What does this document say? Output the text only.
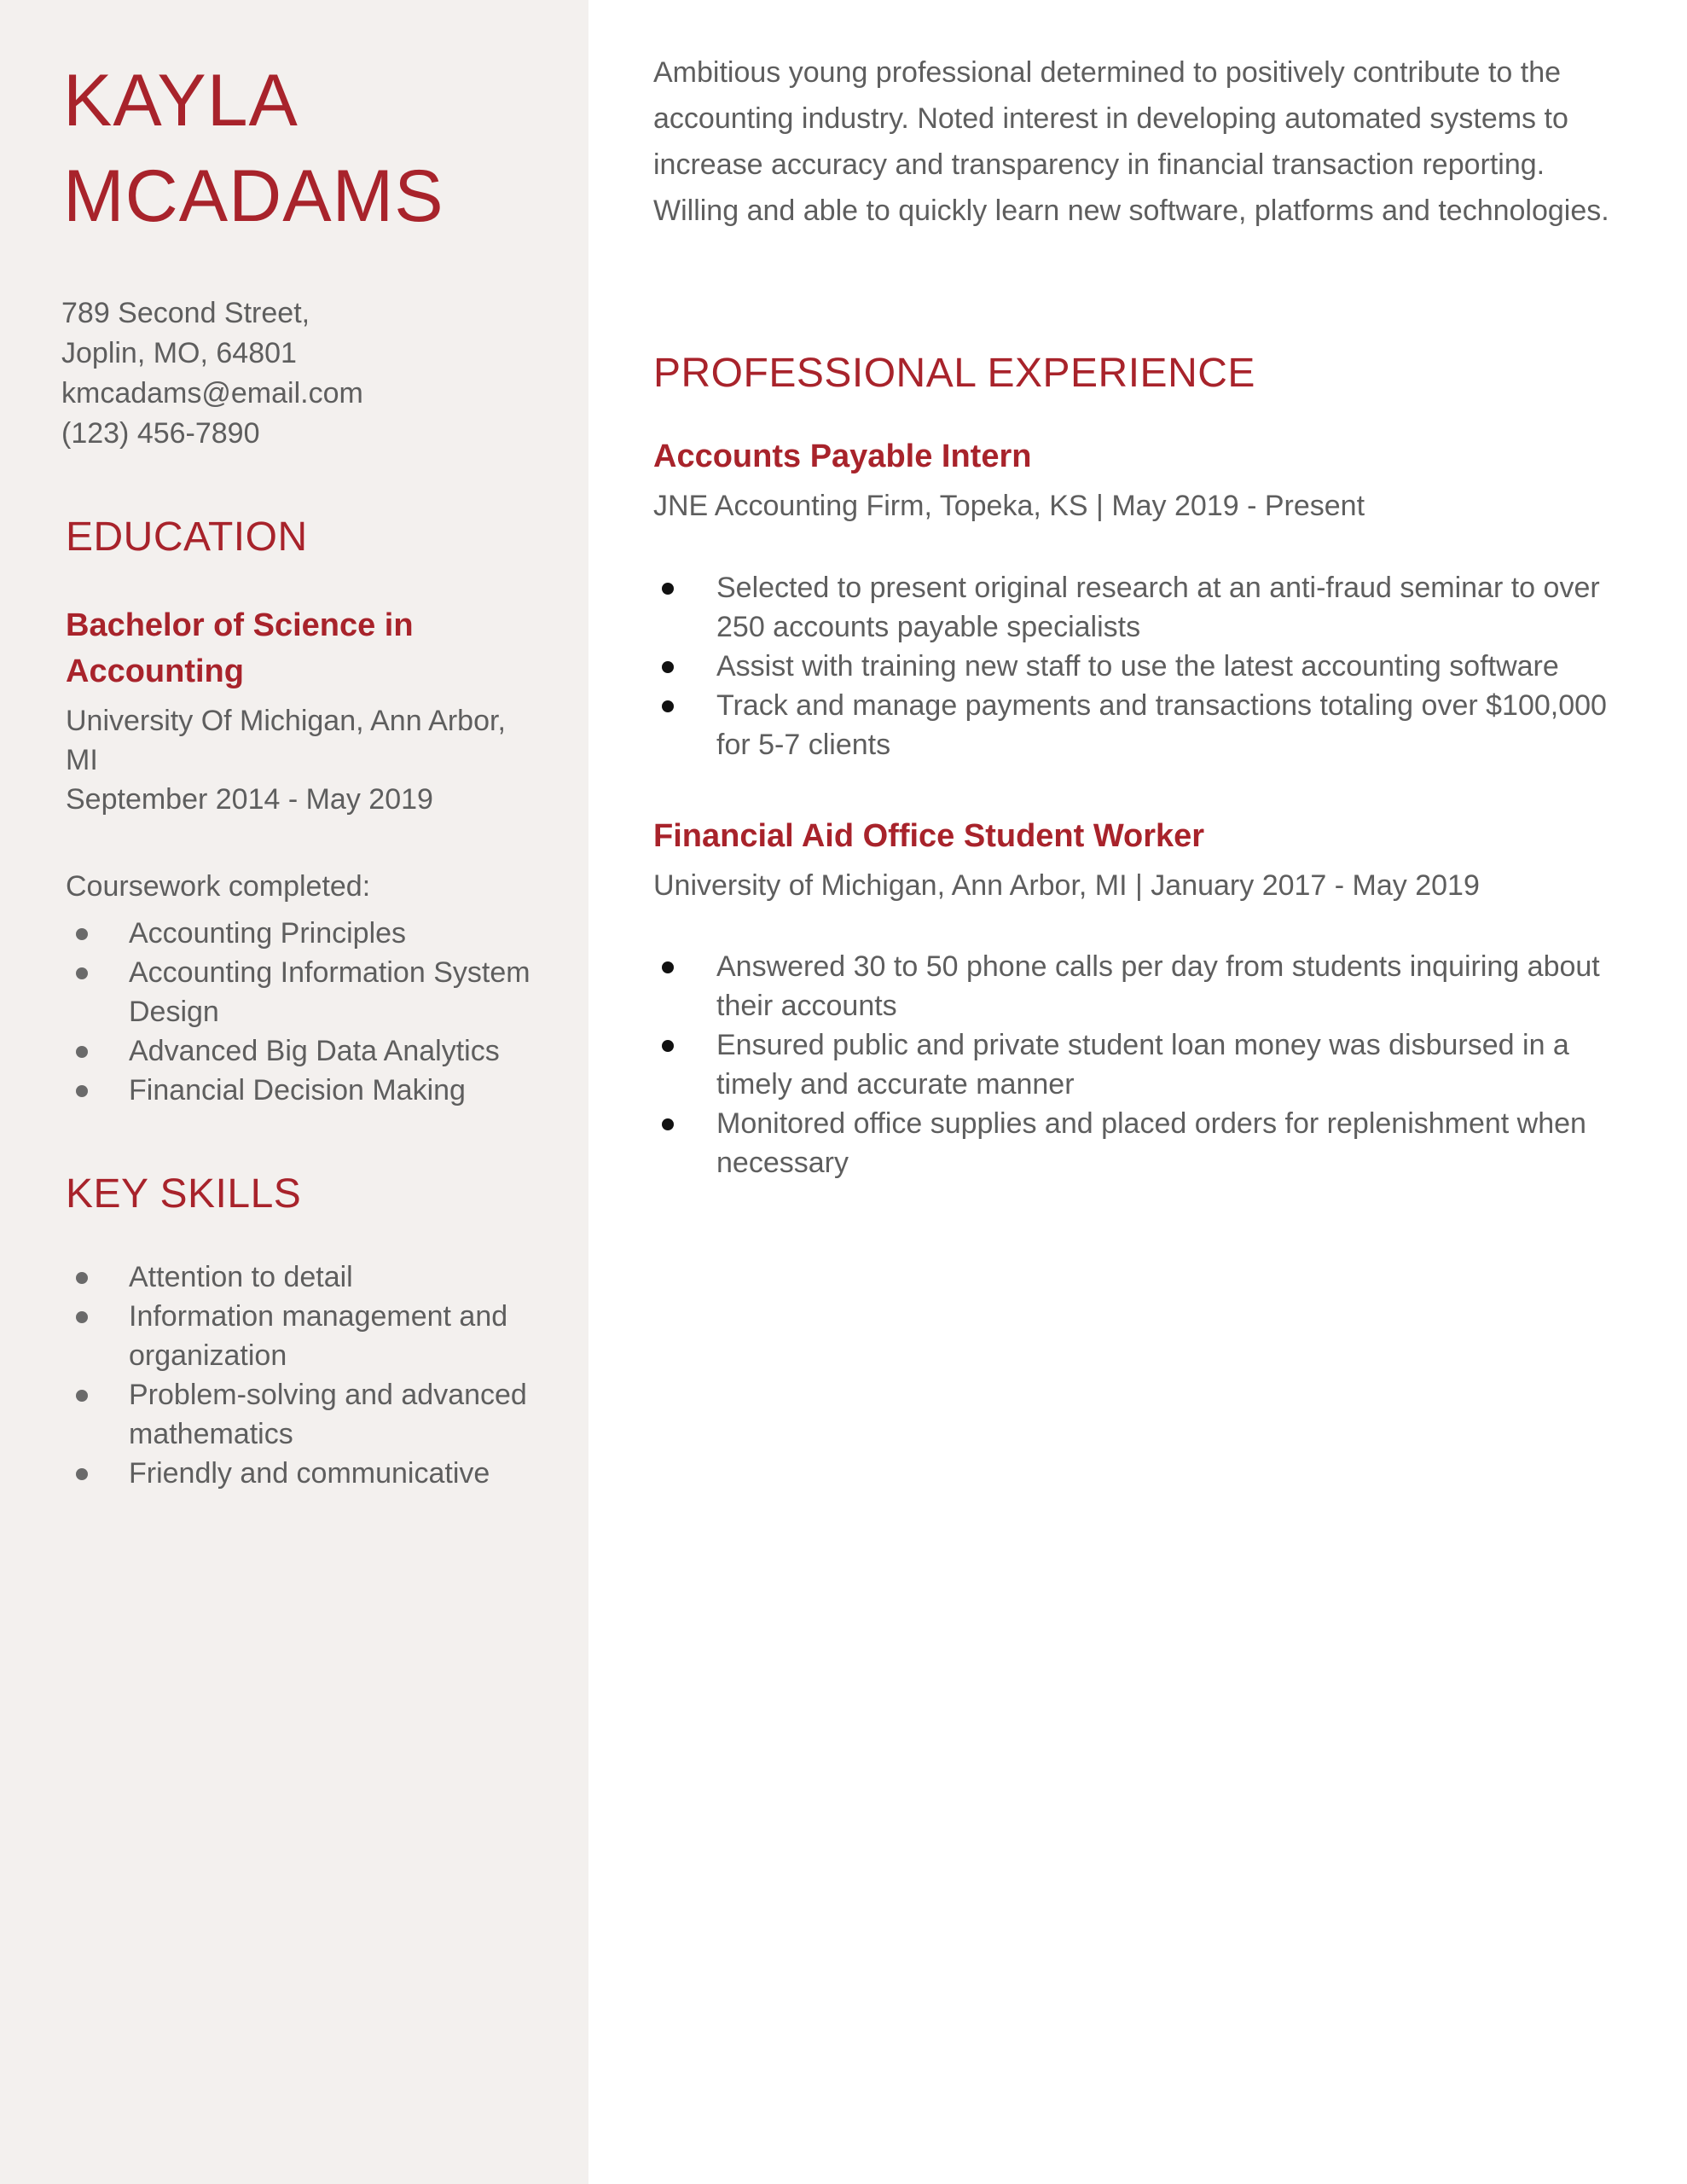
KAYLA
MCADAMS
789 Second Street,
Joplin, MO, 64801
kmcadams@email.com
(123) 456-7890
EDUCATION
Bachelor of Science in Accounting
University Of Michigan, Ann Arbor, MI
September 2014 - May 2019
Coursework completed:
Accounting Principles
Accounting Information System Design
Advanced Big Data Analytics
Financial Decision Making
KEY SKILLS
Attention to detail
Information management and organization
Problem-solving and advanced mathematics
Friendly and communicative
Ambitious young professional determined to positively contribute to the accounting industry. Noted interest in developing automated systems to increase accuracy and transparency in financial transaction reporting. Willing and able to quickly learn new software, platforms and technologies.
PROFESSIONAL EXPERIENCE
Accounts Payable Intern
JNE Accounting Firm, Topeka, KS | May 2019 - Present
Selected to present original research at an anti-fraud seminar to over 250 accounts payable specialists
Assist with training new staff to use the latest accounting software
Track and manage payments and transactions totaling over $100,000 for 5-7 clients
Financial Aid Office Student Worker
University of Michigan, Ann Arbor, MI | January 2017 - May 2019
Answered 30 to 50 phone calls per day from students inquiring about their accounts
Ensured public and private student loan money was disbursed in a timely and accurate manner
Monitored office supplies and placed orders for replenishment when necessary
